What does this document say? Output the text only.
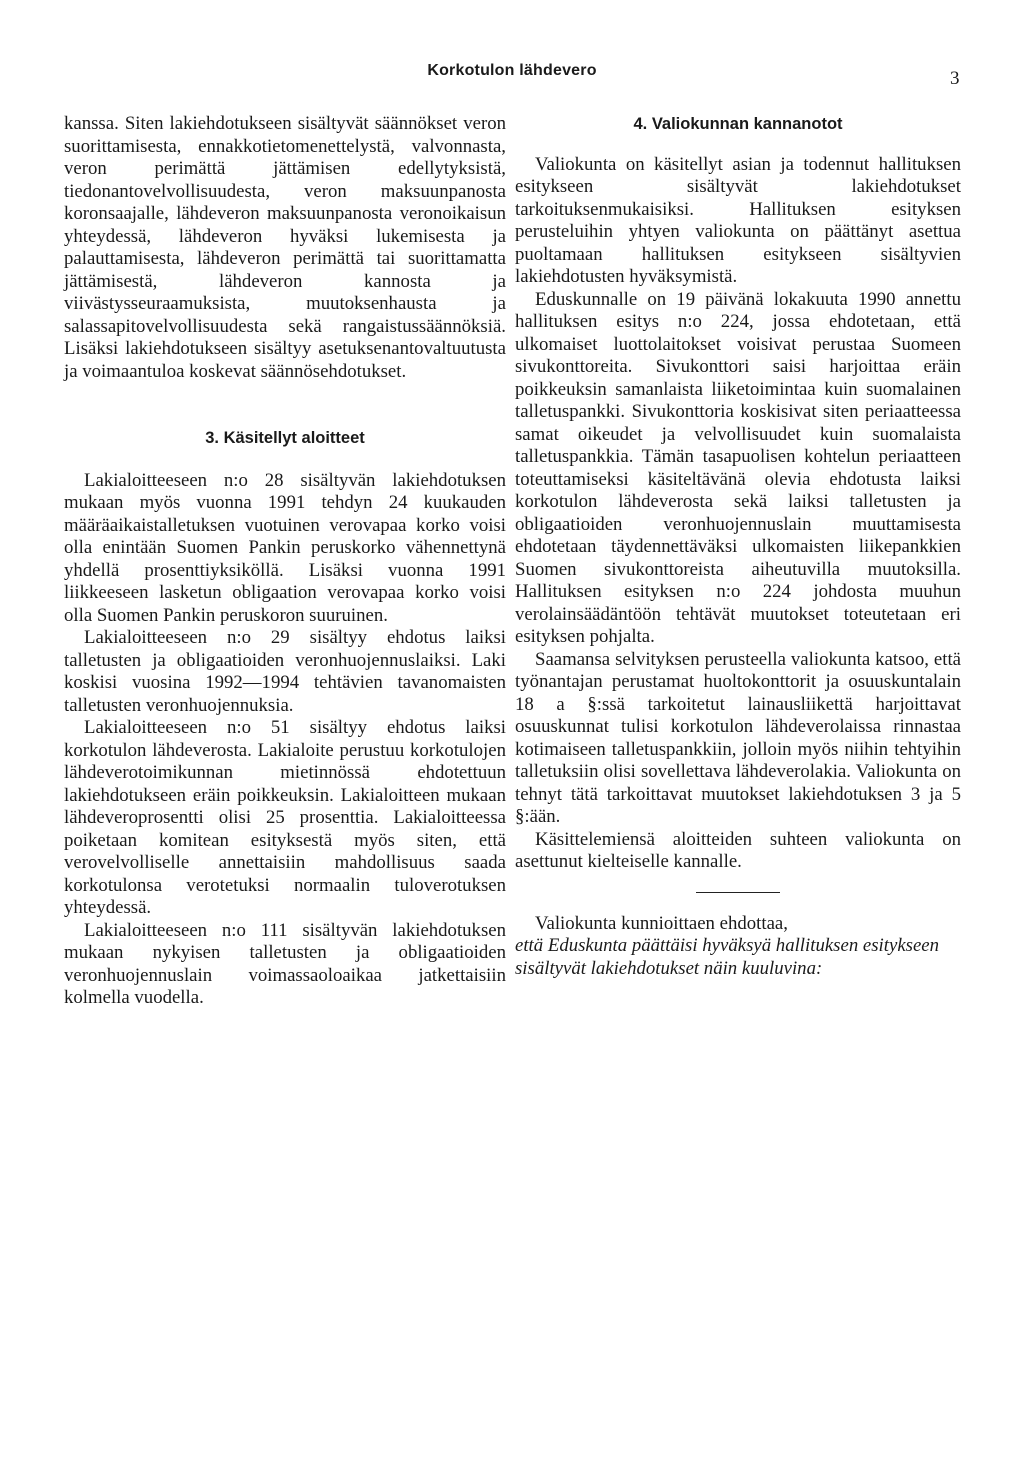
Korkotulon lähdevero	3

kanssa. Siten lakiehdotukseen sisältyvät säännökset veron suorittamisesta, ennakkotietomenettelystä, valvonnasta, veron perimättä jättämisen edellytyksistä, tiedonantovelvollisuudesta, veron maksuunpanosta koronsaajalle, lähdeveron maksuunpanosta veronoikaisun yhteydessä, lähdeveron hyväksi lukemisesta ja palauttamisesta, lähdeveron perimättä tai suorittamatta jättämisestä, lähdeveron kannosta ja viivästysseuraamuksista, muutoksenhausta ja salassapitovelvollisuudesta sekä rangaistussäännöksiä. Lisäksi lakiehdotukseen sisältyy asetuksenantovaltuutusta ja voimaantuloa koskevat säännösehdotukset.

3. Käsitellyt aloitteet

Lakialoitteeseen n:o 28 sisältyvän lakiehdotuksen mukaan myös vuonna 1991 tehdyn 24 kuukauden määräaikaistalletuksen vuotuinen verovapaa korko voisi olla enintään Suomen Pankin peruskorko vähennettynä yhdellä prosenttiyksiköllä. Lisäksi vuonna 1991 liikkeeseen lasketun obligaation verovapaa korko voisi olla Suomen Pankin peruskoron suuruinen.

Lakialoitteeseen n:o 29 sisältyy ehdotus laiksi talletusten ja obligaatioiden veronhuojennuslaiksi. Laki koskisi vuosina 1992—1994 tehtävien tavanomaisten talletusten veronhuojennuksia.

Lakialoitteeseen n:o 51 sisältyy ehdotus laiksi korkotulon lähdeverosta. Lakialoite perustuu korkotulojen lähdeverotoimikunnan mietinnössä ehdotettuun lakiehdotukseen eräin poikkeuksin. Lakialoitteen mukaan lähdeveroprosentti olisi 25 prosenttia. Lakialoitteessa poiketaan komitean esityksestä myös siten, että verovelvolliselle annettaisiin mahdollisuus saada korkotulonsa verotetuksi normaalin tuloverotuksen yhteydessä.

Lakialoitteeseen n:o 111 sisältyvän lakiehdotuksen mukaan nykyisen talletusten ja obligaatioiden veronhuojennuslain voimassaoloaikaa jatkettaisiin kolmella vuodella.

4. Valiokunnan kannanotot

Valiokunta on käsitellyt asian ja todennut hallituksen esitykseen sisältyvät lakiehdotukset tarkoituksenmukaisiksi. Hallituksen esityksen perusteluihin yhtyen valiokunta on päättänyt asettua puoltamaan hallituksen esitykseen sisältyvien lakiehdotusten hyväksymistä.

Eduskunnalle on 19 päivänä lokakuuta 1990 annettu hallituksen esitys n:o 224, jossa ehdotetaan, että ulkomaiset luottolaitokset voisivat perustaa Suomeen sivukonttoreita. Sivukonttori saisi harjoittaa eräin poikkeuksin samanlaista liiketoimintaa kuin suomalainen talletuspankki. Sivukonttoria koskisivat siten periaatteessa samat oikeudet ja velvollisuudet kuin suomalaista talletuspankkia. Tämän tasapuolisen kohtelun periaatteen toteuttamiseksi käsiteltävänä olevia ehdotusta laiksi korkotulon lähdeverosta sekä laiksi talletusten ja obligaatioiden veronhuojennuslain muuttamisesta ehdotetaan täydennettäväksi ulkomaisten liikepankkien Suomen sivukonttoreista aiheutuvilla muutoksilla. Hallituksen esityksen n:o 224 johdosta muuhun verolainsäädäntöön tehtävät muutokset toteutetaan eri esityksen pohjalta.

Saamansa selvityksen perusteella valiokunta katsoo, että työnantajan perustamat huoltokonttorit ja osuuskuntalain 18 a §:ssä tarkoitetut lainausliikettä harjoittavat osuuskunnat tulisi korkotulon lähdeverolaissa rinnastaa kotimaiseen talletuspankkiin, jolloin myös niihin tehtyihin talletuksiin olisi sovellettava lähdeverolakia. Valiokunta on tehnyt tätä tarkoittavat muutokset lakiehdotuksen 3 ja 5 §:ään.

Käsittelemiensä aloitteiden suhteen valiokunta on asettunut kielteiselle kannalle.

Valiokunta kunnioittaen ehdottaa,

että Eduskunta päättäisi hyväksyä hallituksen esitykseen sisältyvät lakiehdotukset näin kuuluvina:
